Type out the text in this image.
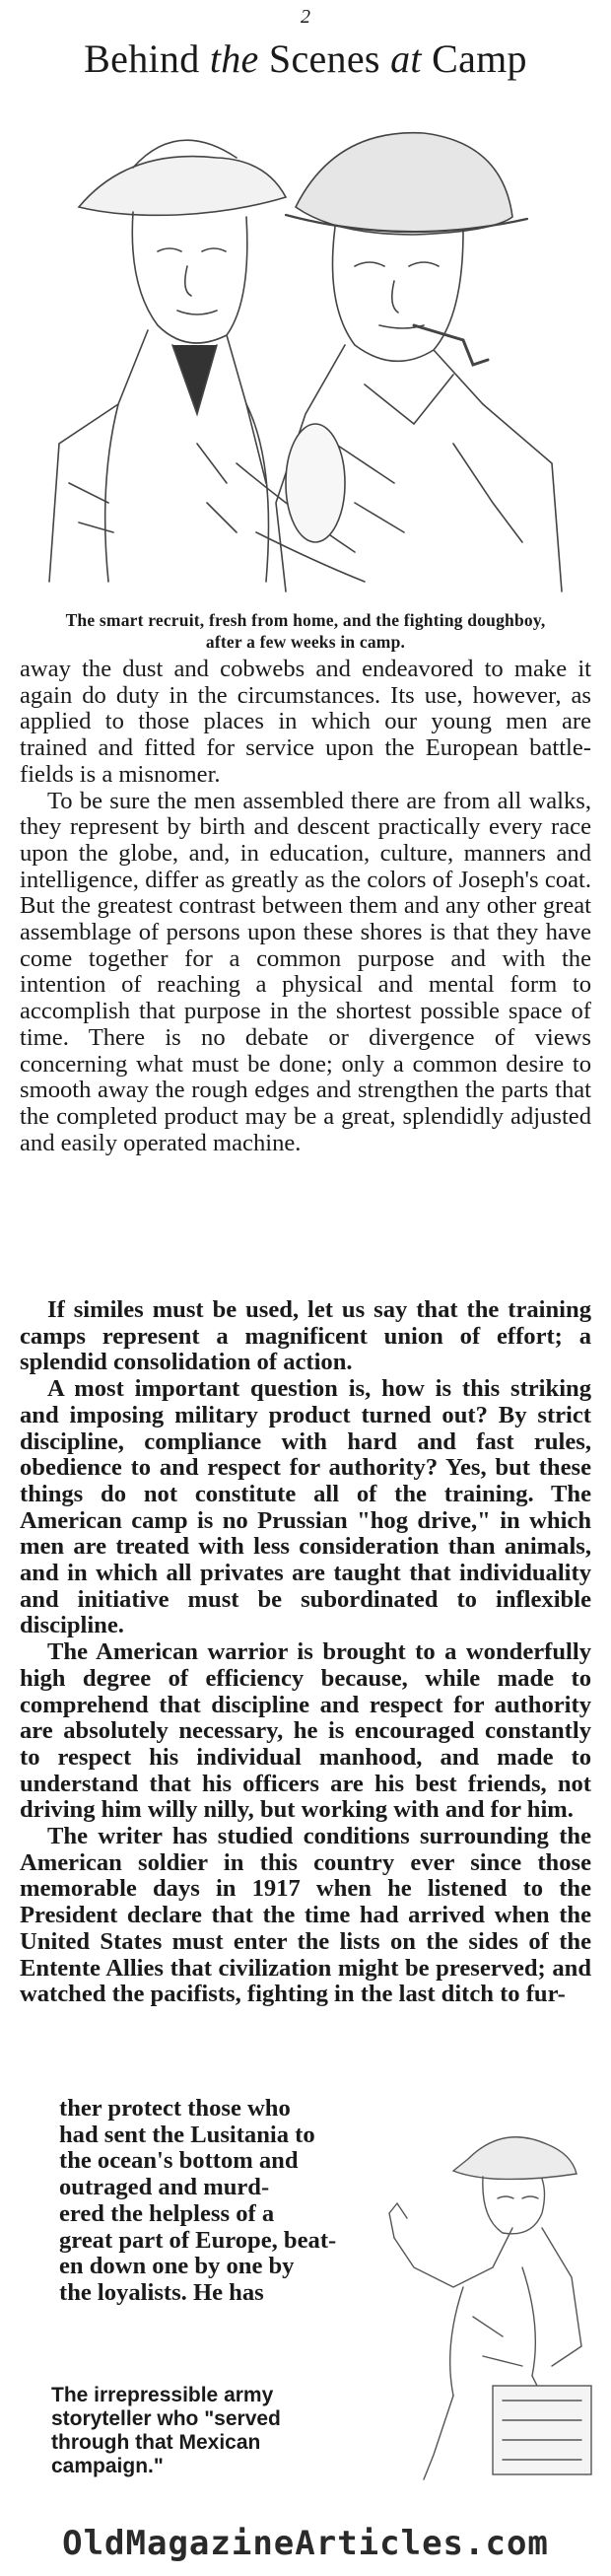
2
Behind the Scenes at Camp
The smart recruit, fresh from home, and the fighting doughboy, after a few weeks in camp.

away the dust and cobwebs and endeavored to make it again do duty in the circumstances. Its use, however, as applied to those places in which our young men are trained and fitted for service upon the European battle-fields is a misnomer.

To be sure the men assembled there are from all walks, they represent by birth and descent practically every race upon the globe, and, in education, culture, manners and intelligence, differ as greatly as the colors of Joseph's coat. But the greatest contrast between them and any other great assemblage of persons upon these shores is that they have come together for a common purpose and with the intention of reaching a physical and mental form to accomplish that purpose in the shortest possible space of time. There is no debate or divergence of views concerning what must be done; only a common desire to smooth away the rough edges and strengthen the parts that the completed product may be a great, splendidly adjusted and easily operated machine.

If similes must be used, let us say that the training camps represent a magnificent union of effort; a splendid consolidation of action.

A most important question is, how is this striking and imposing military product turned out? By strict discipline, compliance with hard and fast rules, obedience to and respect for authority? Yes, but these things do not constitute all of the training. The American camp is no Prussian "hog drive," in which men are treated with less consideration than animals, and in which all privates are taught that individuality and initiative must be subordinated to inflexible discipline.

The American warrior is brought to a wonderfully high degree of efficiency because, while made to comprehend that discipline and respect for authority are absolutely necessary, he is encouraged constantly to respect his individual manhood, and made to understand that his officers are his best friends, not driving him willy nilly, but working with and for him.

The writer has studied conditions surrounding the American soldier in this country ever since those memorable days in 1917 when he listened to the President declare that the time had arrived when the United States must enter the lists on the sides of the Entente Allies that civilization might be preserved; and watched the pacifists, fighting in the last ditch to fur-

ther protect those who
had sent the Lusitania to
the ocean's bottom and
outraged and murd-
ered the helpless of a
great part of Europe, beat-
en down one by one by
the loyalists. He has
The irrepressible army storyteller who "served through that Mexican campaign."
OldMagazineArticles.com
